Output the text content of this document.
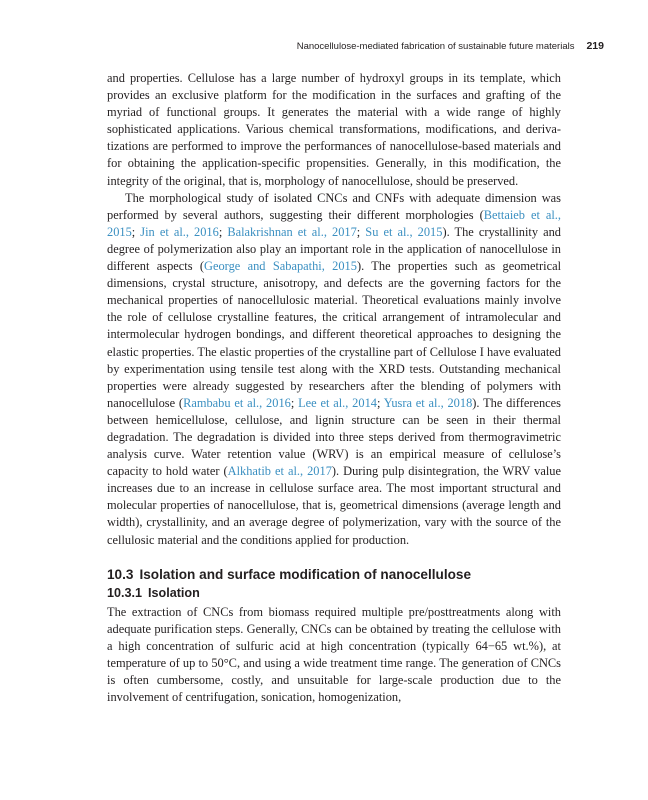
Nanocellulose-mediated fabrication of sustainable future materials 219

and properties. Cellulose has a large number of hydroxyl groups in its template, which provides an exclusive platform for the modification in the surfaces and grafting of the myriad of functional groups. It generates the material with a wide range of highly sophisticated applications. Various chemical transformations, modifications, and derivatizations are performed to improve the performances of nanocellulose-based materials and for obtaining the application-specific propensities. Generally, in this modification, the integrity of the original, that is, morphology of nanocellulose, should be preserved.

The morphological study of isolated CNCs and CNFs with adequate dimension was performed by several authors, suggesting their different morphologies (Bettaieb et al., 2015; Jin et al., 2016; Balakrishnan et al., 2017; Su et al., 2015). The crystallinity and degree of polymerization also play an important role in the application of nanocellulose in different aspects (George and Sabapathi, 2015). The properties such as geometrical dimensions, crystal structure, anisotropy, and defects are the governing factors for the mechanical properties of nanocellulosic material. Theoretical evaluations mainly involve the role of cellulose crystalline features, the critical arrangement of intramolecular and intermolecular hydrogen bondings, and different theoretical approaches to designing the elastic properties. The elastic properties of the crystalline part of Cellulose I have evaluated by experimentation using tensile test along with the XRD tests. Outstanding mechanical properties were already suggested by researchers after the blending of polymers with nanocellulose (Rambabu et al., 2016; Lee et al., 2014; Yusra et al., 2018). The differences between hemicellulose, cellulose, and lignin structure can be seen in their thermal degradation. The degradation is divided into three steps derived from thermogravimetric analysis curve. Water retention value (WRV) is an empirical measure of cellulose’s capacity to hold water (Alkhatib et al., 2017). During pulp disintegration, the WRV value increases due to an increase in cellulose surface area. The most important structural and molecular properties of nanocellulose, that is, geometrical dimensions (average length and width), crystallinity, and an average degree of polymerization, vary with the source of the cellulosic material and the conditions applied for production.

10.3 Isolation and surface modification of nanocellulose
10.3.1 Isolation

The extraction of CNCs from biomass required multiple pre/posttreatments along with adequate purification steps. Generally, CNCs can be obtained by treating the cellulose with a high concentration of sulfuric acid at high concentration (typically 64−65 wt.%), at temperature of up to 50°C, and using a wide treatment time range. The generation of CNCs is often cumbersome, costly, and unsuitable for large-scale production due to the involvement of centrifugation, sonication, homogenization,
